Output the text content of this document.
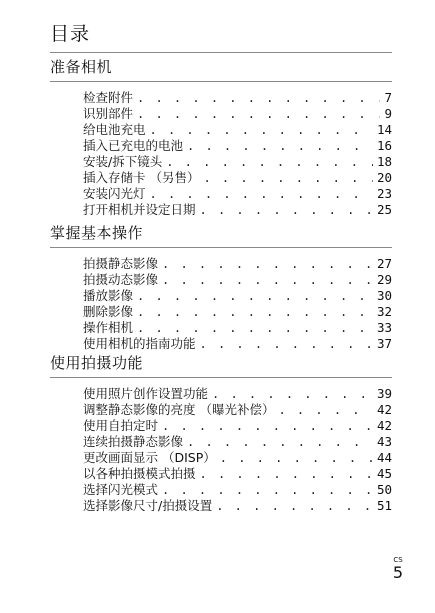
目录
准备相机
检查附件 . . .	7
识别部件 . . .	9
给电池充电 . . .	14
插入已充电的电池 . . .	16
安装/拆下镜头 . . .	18
插入存储卡 （另售） . . .	20
安装闪光灯 . . .	23
打开相机并设定日期 . . .	25
掌握基本操作
拍摄静态影像 . . .	27
拍摄动态影像 . . .	29
播放影像 . . .	30
删除影像 . . .	32
操作相机 . . .	33
使用相机的指南功能 . . .	37
使用拍摄功能
使用照片创作设置功能 . . .	39
调整静态影像的亮度 （曝光补偿） . . .	42
使用自拍定时 . . .	42
连续拍摄静态影像 . . .	43
更改画面显示 （DISP） . . .	44
以各种拍摄模式拍摄 . . .	45
选择闪光模式 . . .	50
选择影像尺寸/拍摄设置 . . .	51
CS
5
